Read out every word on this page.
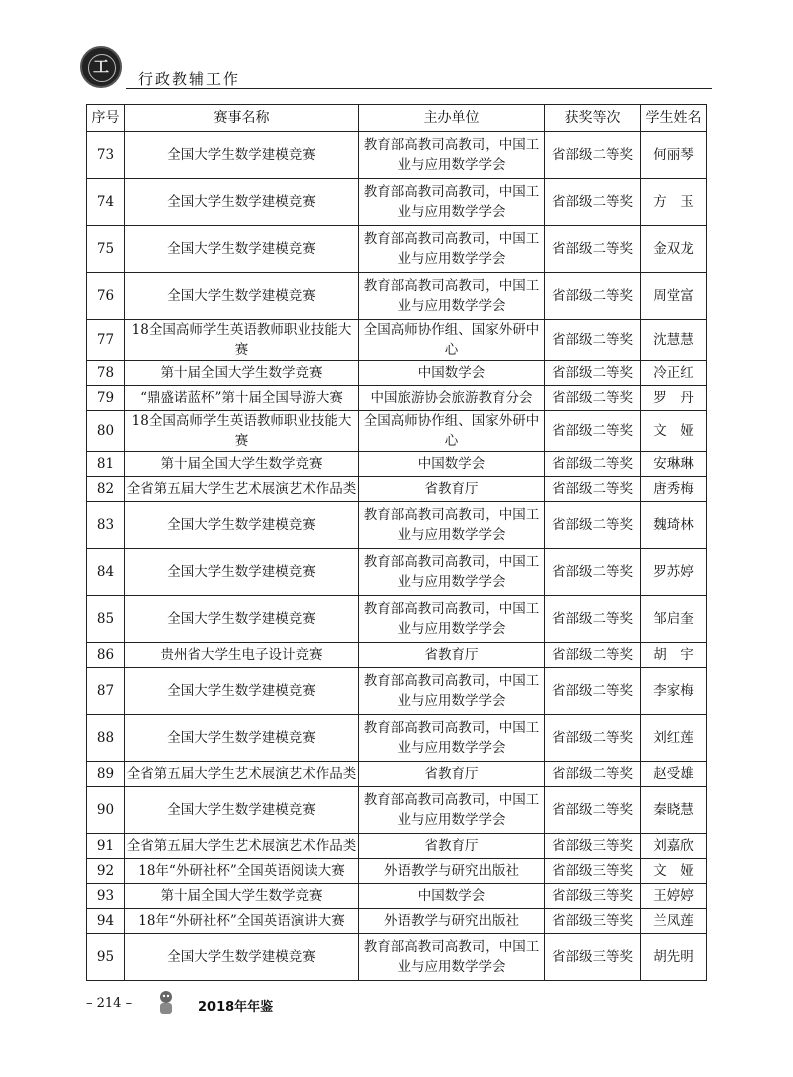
工
行政教辅工作
序号	赛事名称	主办单位	获奖等次	学生姓名
73	全国大学生数学建模竞赛	教育部高教司高教司，中国工业与应用数学学会	省部级二等奖	何丽琴
74	全国大学生数学建模竞赛	教育部高教司高教司，中国工业与应用数学学会	省部级二等奖	方　玉
75	全国大学生数学建模竞赛	教育部高教司高教司，中国工业与应用数学学会	省部级二等奖	金双龙
76	全国大学生数学建模竞赛	教育部高教司高教司，中国工业与应用数学学会	省部级二等奖	周堂富
77	18全国高师学生英语教师职业技能大赛	全国高师协作组、国家外研中心	省部级二等奖	沈慧慧
78	第十届全国大学生数学竞赛	中国数学会	省部级二等奖	冷正红
79	“鼎盛诺蓝杯”第十届全国导游大赛	中国旅游协会旅游教育分会	省部级二等奖	罗　丹
80	18全国高师学生英语教师职业技能大赛	全国高师协作组、国家外研中心	省部级二等奖	文　娅
81	第十届全国大学生数学竞赛	中国数学会	省部级二等奖	安琳琳
82	全省第五届大学生艺术展演艺术作品类	省教育厅	省部级二等奖	唐秀梅
83	全国大学生数学建模竞赛	教育部高教司高教司，中国工业与应用数学学会	省部级二等奖	魏琦林
84	全国大学生数学建模竞赛	教育部高教司高教司，中国工业与应用数学学会	省部级二等奖	罗苏婷
85	全国大学生数学建模竞赛	教育部高教司高教司，中国工业与应用数学学会	省部级二等奖	邹启奎
86	贵州省大学生电子设计竞赛	省教育厅	省部级二等奖	胡　宇
87	全国大学生数学建模竞赛	教育部高教司高教司，中国工业与应用数学学会	省部级二等奖	李家梅
88	全国大学生数学建模竞赛	教育部高教司高教司，中国工业与应用数学学会	省部级二等奖	刘红莲
89	全省第五届大学生艺术展演艺术作品类	省教育厅	省部级二等奖	赵受雄
90	全国大学生数学建模竞赛	教育部高教司高教司，中国工业与应用数学学会	省部级二等奖	秦晓慧
91	全省第五届大学生艺术展演艺术作品类	省教育厅	省部级三等奖	刘嘉欣
92	18年“外研社杯”全国英语阅读大赛	外语教学与研究出版社	省部级三等奖	文　娅
93	第十届全国大学生数学竞赛	中国数学会	省部级三等奖	王婷婷
94	18年“外研社杯”全国英语演讲大赛	外语教学与研究出版社	省部级三等奖	兰凤莲
95	全国大学生数学建模竞赛	教育部高教司高教司，中国工业与应用数学学会	省部级三等奖	胡先明
– 214 –	2018年年鉴
